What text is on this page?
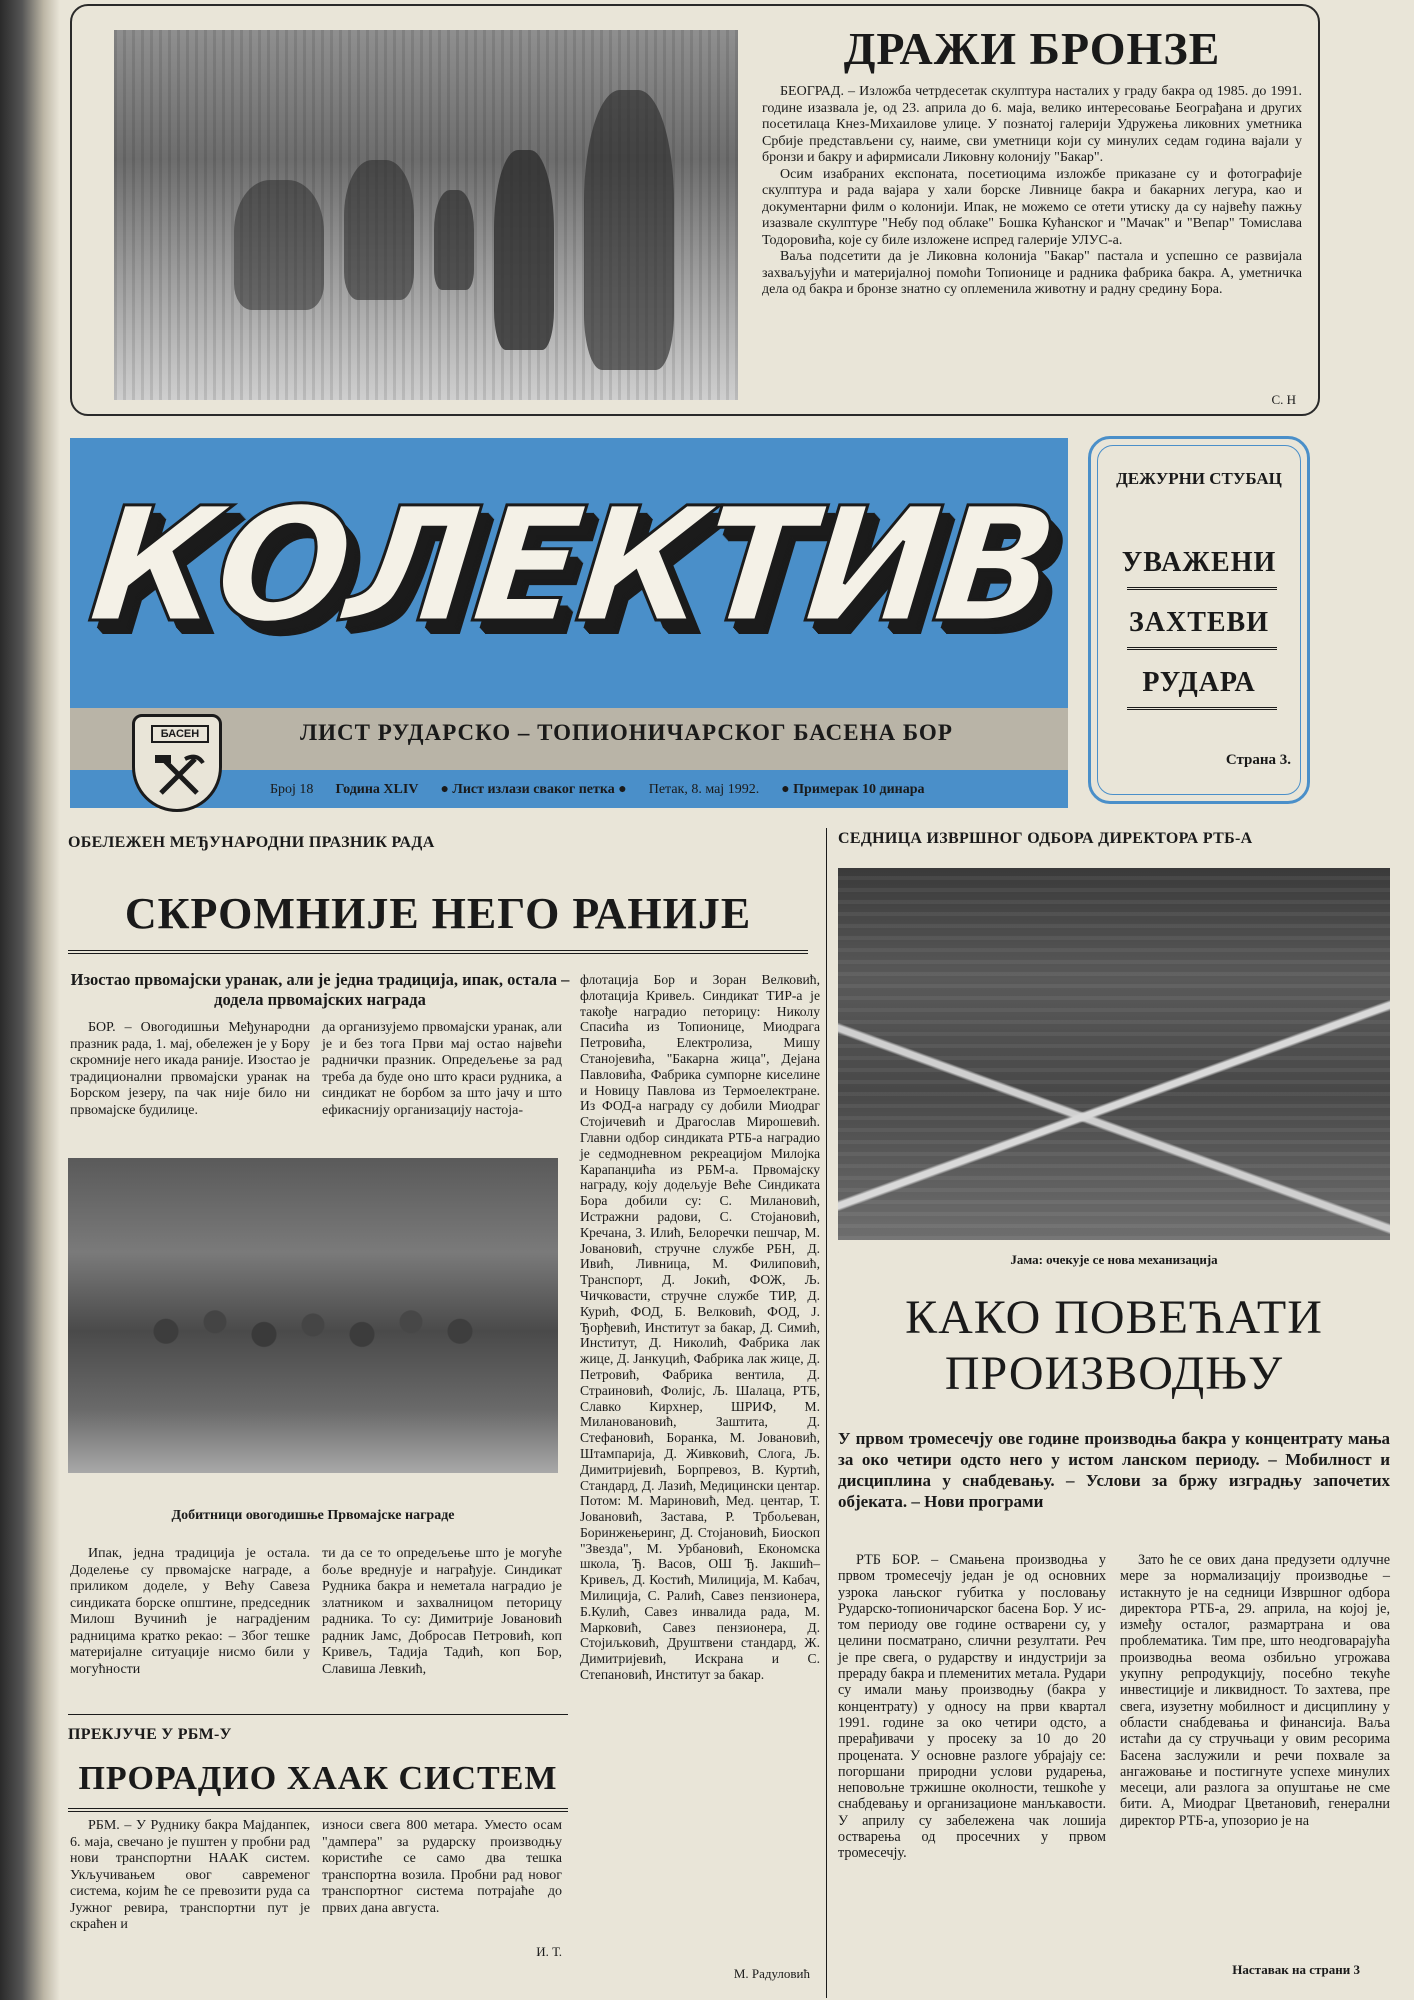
ДРАЖИ БРОНЗЕ

БЕОГРАД. – Изложба четрдесетак скулптура насталих у граду бакра од 1985. до 1991. године изазвала је, од 23. априла до 6. маја, велико интересовање Београђана и других посетилаца Кнез-Михаилове улице. У познатој галерији Удружења ликовних уметника Србије представљени су, наиме, сви уметници који су минулих седам година вајали у бронзи и бакру и афирмисали Ликовну колонију "Бакар".

Осим изабраних експоната, посетиоцима изложбе приказане су и фотографије скулптура и рада вајара у хали борске Ливнице бакра и бакарних легура, као и документарни филм о колонији. Ипак, не можемо се отети утиску да су највећу пажњу изазвале скулптуре "Небу под облаке" Бошка Кућанског и "Мачак" и "Вепар" Томислава Тодоровића, које су биле изложене испред галерије УЛУС-а.

Ваља подсетити да је Ликовна колонија "Бакар" пастала и успешно се развијала захваљујући и материјалној помоћи Топионице и радника фабрика бакра. А, уметничка дела од бакра и бронзе знатно су оплеменила животну и радну средину Бора.

С. Н
КОЛЕКТИВ
ЛИСТ РУДАРСКО – ТОПИОНИЧАРСКОГ БАСЕНА БОР
БАСЕН
Број 18 Година XLIV ● Лист излази сваког петка ● Петак, 8. мај 1992. ● Примерак 10 динара
ДЕЖУРНИ СТУБАЦ
УВАЖЕНИ
ЗАХТЕВИ
РУДАРА
Страна 3.
ОБЕЛЕЖЕН МЕЂУНАРОДНИ ПРАЗНИК РАДА
СКРОМНИЈЕ НЕГО РАНИЈЕ
Изостао првомајски уранак, али је једна традиција, ипак, остала – додела првомајских награда

БОР. – Овогодишњи Међународни празник рада, 1. мај, обележен је у Бору скромније него икада раније. Изостао је традиционални првомајски уранак на Борском језеру, па чак није било ни првомајске будилице.

да организујемо првомајски уранак, али је и без тога Први мај остао највећи раднички празник. Опредељење за рад треба да буде оно што краси рудника, а синдикат не борбом за што јачу и што ефикаснију организацију настоја-

Добитници овогодишње Првомајске награде

Ипак, једна традиција је остала. Доделење су првомајске награде, а приликом доделе, у Већу Савеза синдиката борске општине, председник Милош Вучинић је наградјеним радницима кратко рекао: – Због тешке материјалне ситуације нисмо били у могућности

ти да се то опредељење што је могуће боље вреднује и награђује. Синдикат Рудника бакра и неметала наградио је златником и захвалницом петорицу радника. То су: Димитрије Јовановић радник Јамс, Добросав Петровић, коп Кривељ, Тадија Тадић, коп Бор, Славиша Левкић,

флотација Бор и Зоран Велковић, флотација Кривељ. Синдикат ТИР-а је такође наградио петорицу: Николу Спасића из Топионице, Миодрага Петровића, Електролиза, Мишу Станојевића, "Бакарна жица", Дејана Павловића, Фабрика сумпорне киселине и Новицу Павлова из Термоелектране. Из ФОД-а награду су добили Миодраг Стојичевић и Драгослав Мирошевић. Главни одбор синдиката РТБ-а наградио је седмодневном рекреацијом Милојка Карапанџића из РБМ-а. Првомајску награду, коју додељује Веће Синдиката Бора добили су: С. Милановић, Истражни радови, С. Стојановић, Кречана, З. Илић, Белоречки пешчар, М. Јовановић, стручне службе РБН, Д. Ивић, Ливница, М. Филиповић, Транспорт, Д. Јокић, ФОЖ, Љ. Чичковасти, стручне службе ТИР, Д. Курић, ФОД, Б. Велковић, ФОД, Ј. Ђорђевић, Институт за бакар, Д. Симић, Институт, Д. Николић, Фабрика лак жице, Д. Јанкуцић, Фабрика лак жице, Д. Петровић, Фабрика вентила, Д. Страиновић, Фолијс, Љ. Шалаца, РТБ, Славко Кирхнер, ШРИФ, М. Милановановић, Заштита, Д. Стефановић, Боранка, М. Јовановић, Штампарија, Д. Живковић, Слога, Љ. Димитријевић, Борпревоз, В. Куртић, Стандард, Д. Лазић, Медицински центар. Потом: М. Мариновић, Мед. центар, Т. Јовановић, Застава, Р. Трбољеван, Боринжењеринг, Д. Стојановић, Биоскоп "Звезда", М. Урбановић, Економска школа, Ђ. Васов, ОШ Ђ. Јакшић–Кривељ, Д. Костић, Милиција, М. Кабач, Милиција, С. Ралић, Савез пензионера, Б.Кулић, Савез инвалида рада, М. Марковић, Савез пензионера, Д. Стојиљковић, Друштвени стандард, Ж. Димитријевић, Искрана и С. Степановић, Институт за бакар.

М. Радуловић
ПРЕКЈУЧЕ У РБМ-У
ПРОРАДИО ХААК СИСТЕМ

РБМ. – У Руднику бакра Мајданпек, 6. маја, свечано је пуштен у пробни рад нови транспортни НААК систем. Укључивањем овог савременог система, којим ће се превозити руда са Јужног ревира, транспортни пут је скраћен и

износи свега 800 метара. Уместо осам "дампера" за рударску производњу користиће се само два тешка транспортна возила. Пробни рад новог транспортног система потрајаће до првих дана августа.

И. Т.
СЕДНИЦА ИЗВРШНОГ ОДБОРА ДИРЕКТОРА РТБ-А
Јама: очекује се нова механизација
КАКО ПОВЕЋАТИ
ПРОИЗВОДЊУ
У првом тромесечју ове године производња бакра у концентрату мања за око четири одсто него у истом ланском периоду. – Мобилност и дисциплина у снабдевању. – Услови за бржу изградњу започетих објеката. – Нови програми

РТБ БОР. – Смањена производња у првом тромесечју један је од основних узрока лањског губитка у пословању Рударско-топионичарског басена Бор. У ис-том периоду ове године остварени су, у целини посматрано, слични резултати. Реч је пре свега, о рударству и индустрији за прераду бакра и племенитих метала. Рудари су имали мању производњу (бакра у концентрату) у односу на први квартал 1991. године за око четири одсто, а прерађивачи у просеку за 10 до 20 процената. У основне разлоге убрајају се: погоршани природни услови рударења, неповољне тржишне околности, тешкоће у снабдевању и организационе манљкавости. У априлу су забележена чак лошија остварења од просечних у првом тромесечју.

Зато ће се ових дана предузети одлучне мере за нормализацију производње – истакнуто је на седници Извршног одбора директора РТБ-а, 29. априла, на којој је, између осталог, размартрана и ова проблематика. Тим пре, што неодговарајућа производња веома озбиљно угрожава укупну репродукцију, посебно текуће инвестиције и ликвидност. То захтева, пре свега, изузетну мобилност и дисциплину у области снабдевања и финансија. Ваља истаћи да су стручњаци у овим ресорима Басена заслужили и речи похвале за ангажовање и постигнуте успехе минулих месеци, али разлога за опуштање не сме бити. А, Миодраг Цветановић, генерални директор РТБ-а, упозорио је на

Наставак на страни 3
